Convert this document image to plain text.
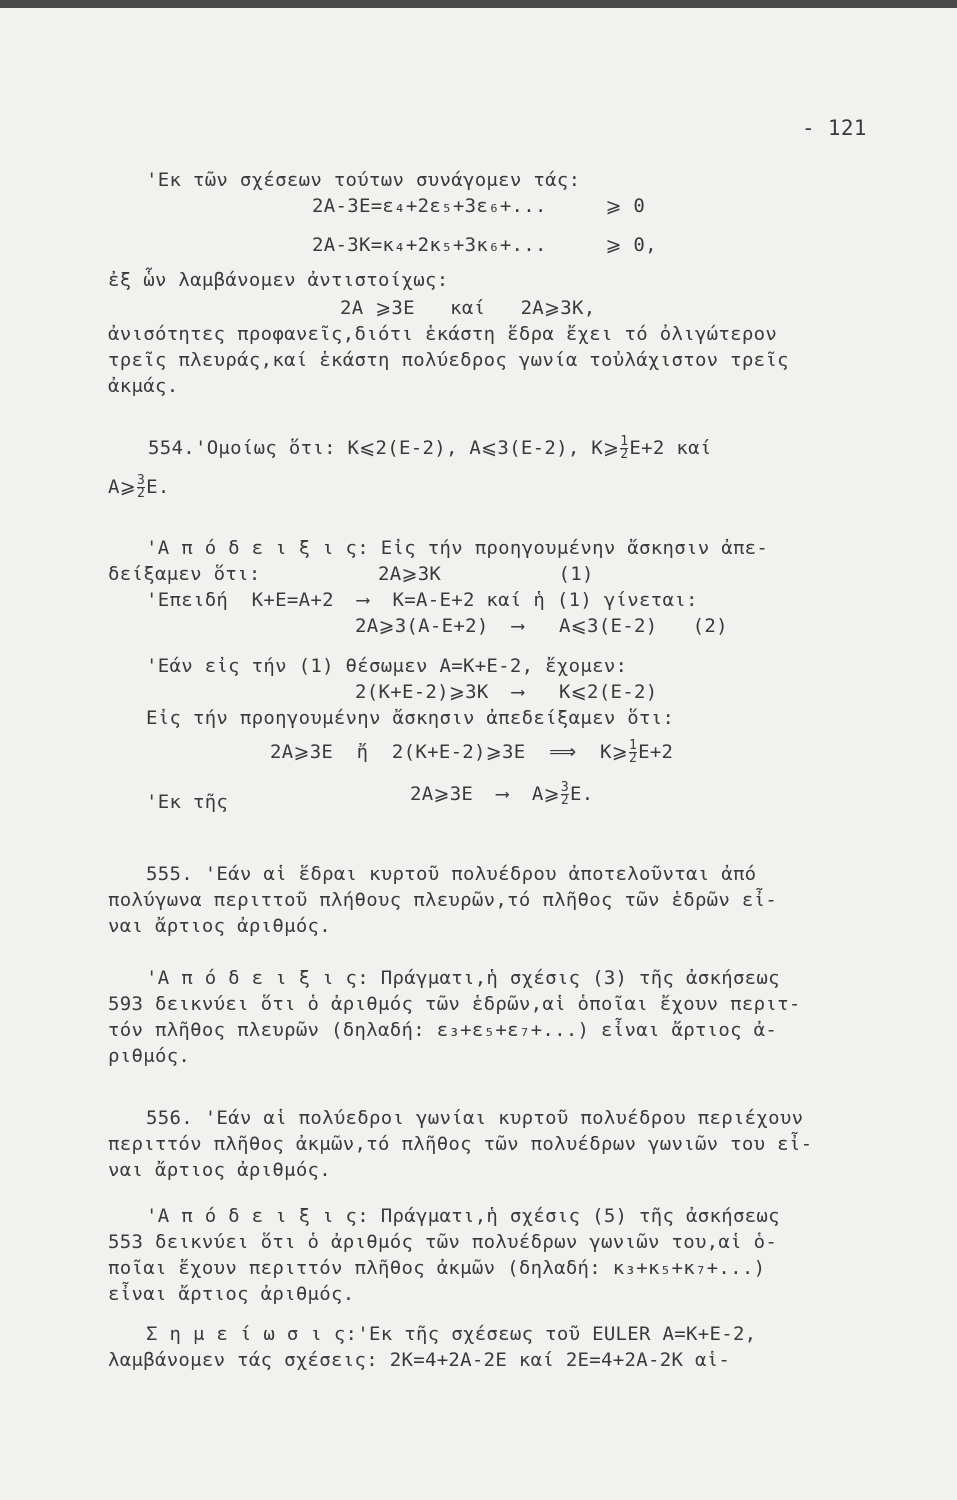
- 121
'Εκ τῶν σχέσεων τούτων συνάγομεν τάς:
2A-3E=ε₄+2ε₅+3ε₆+...     ⩾ 0
2A-3K=κ₄+2κ₅+3κ₆+...     ⩾ 0,
ἐξ ὧν λαμβάνομεν ἀντιστοίχως:
2A ⩾3E   καί   2A⩾3K,
ἀνισότητες προφανεῖς,διότι ἑκάστη ἕδρα ἔχει τό ὀλιγώτερον
τρεῖς πλευράς,καί ἑκάστη πολύεδρος γωνία τοὐλάχιστον τρεῖς
ἀκμάς.
554.'Ομοίως ὅτι: K⩽2(E-2), A⩽3(E-2), K⩾ $\frac{1}{2} E+2$ καί
A⩾ $\frac{3}{2} E$.
'Α π ό δ ε ι ξ ι ς: Εἰς τήν προηγουμένην ἄσκησιν ἀπε-
δείξαμεν ὅτι:          2A⩾3K          (1)
'Επειδή  K+E=A+2  ⟶  K=A-E+2 καί ἡ (1) γίνεται:
2A⩾3(A-E+2)  ⟶   A⩽3(E-2)   (2)
'Εάν εἰς τήν (1) θέσωμεν A=K+E-2, ἔχομεν:
2(K+E-2)⩾3K  ⟶   K⩽2(E-2)
Εἰς τήν προηγουμένην ἄσκησιν ἀπεδείξαμεν ὅτι:
2A⩾3E  ἤ  2(K+E-2)⩾3E  ⟹  K⩾ $\frac{1}{2} E+2$
'Εκ τῆς	2A⩾3E  ⟶  A⩾ $\frac{3}{2} E$.
555. 'Εάν αἱ ἕδραι κυρτοῦ πολυέδρου ἀποτελοῦνται ἀπό
πολύγωνα περιττοῦ πλήθους πλευρῶν,τό πλῆθος τῶν ἑδρῶν εἶ-
ναι ἄρτιος ἀριθμός.
'Α π ό δ ε ι ξ ι ς: Πράγματι,ἡ σχέσις (3) τῆς ἀσκήσεως
593 δεικνύει ὅτι ὁ ἀριθμός τῶν ἑδρῶν,αἱ ὁποῖαι ἔχουν περιτ-
τόν πλῆθος πλευρῶν (δηλαδή: ε₃+ε₅+ε₇+...) εἶναι ἄρτιος ἀ-
ριθμός.
556. 'Εάν αἱ πολύεδροι γωνίαι κυρτοῦ πολυέδρου περιέχουν
περιττόν πλῆθος ἀκμῶν,τό πλῆθος τῶν πολυέδρων γωνιῶν του εἶ-
ναι ἄρτιος ἀριθμός.
'Α π ό δ ε ι ξ ι ς: Πράγματι,ἡ σχέσις (5) τῆς ἀσκήσεως
553 δεικνύει ὅτι ὁ ἀριθμός τῶν πολυέδρων γωνιῶν του,αἱ ὁ-
ποῖαι ἔχουν περιττόν πλῆθος ἀκμῶν (δηλαδή: κ₃+κ₅+κ₇+...)
εἶναι ἄρτιος ἀριθμός.
Σ η μ ε ί ω σ ι ς:'Εκ τῆς σχέσεως τοῦ EULER A=K+E-2,
λαμβάνομεν τάς σχέσεις: 2K=4+2A-2E καί 2E=4+2A-2K αἱ-
